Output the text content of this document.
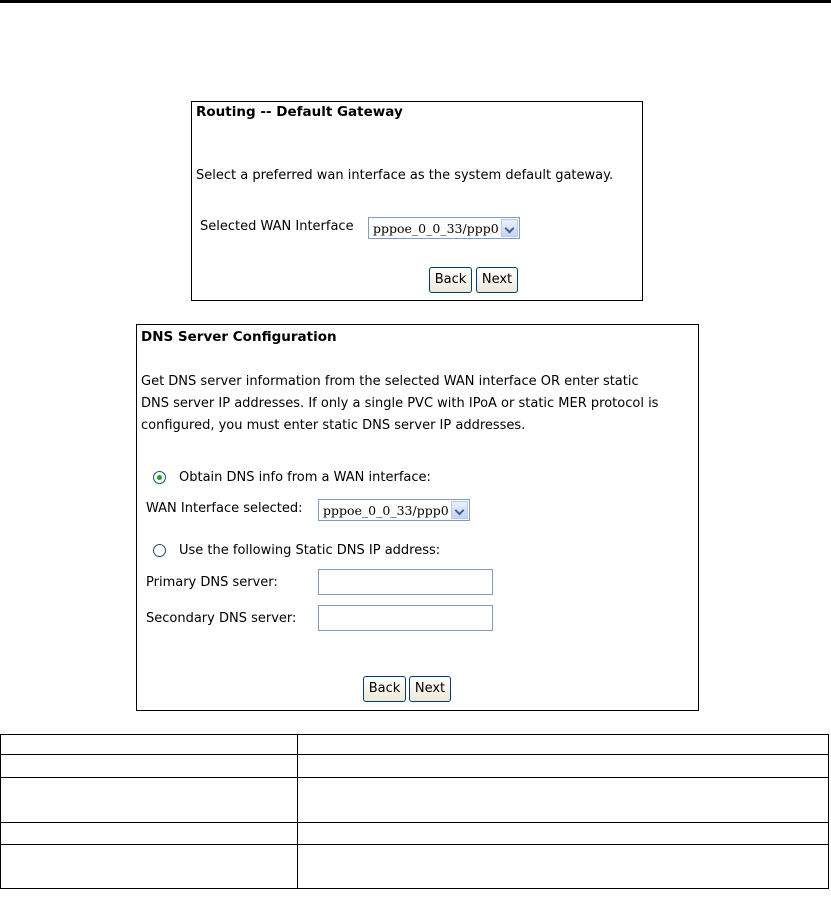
Routing -- Default Gateway
Select a preferred wan interface as the system default gateway.
Selected WAN Interface pppoe_0_0_33/ppp0
Back	Next
DNS Server Configuration
Get DNS server information from the selected WAN interface OR enter static
DNS server IP addresses. If only a single PVC with IPoA or static MER protocol is
configured, you must enter static DNS server IP addresses.
Obtain DNS info from a WAN interface:
WAN Interface selected: pppoe_0_0_33/ppp0
Use the following Static DNS IP address:
Primary DNS server:
Secondary DNS server:
Back	Next
